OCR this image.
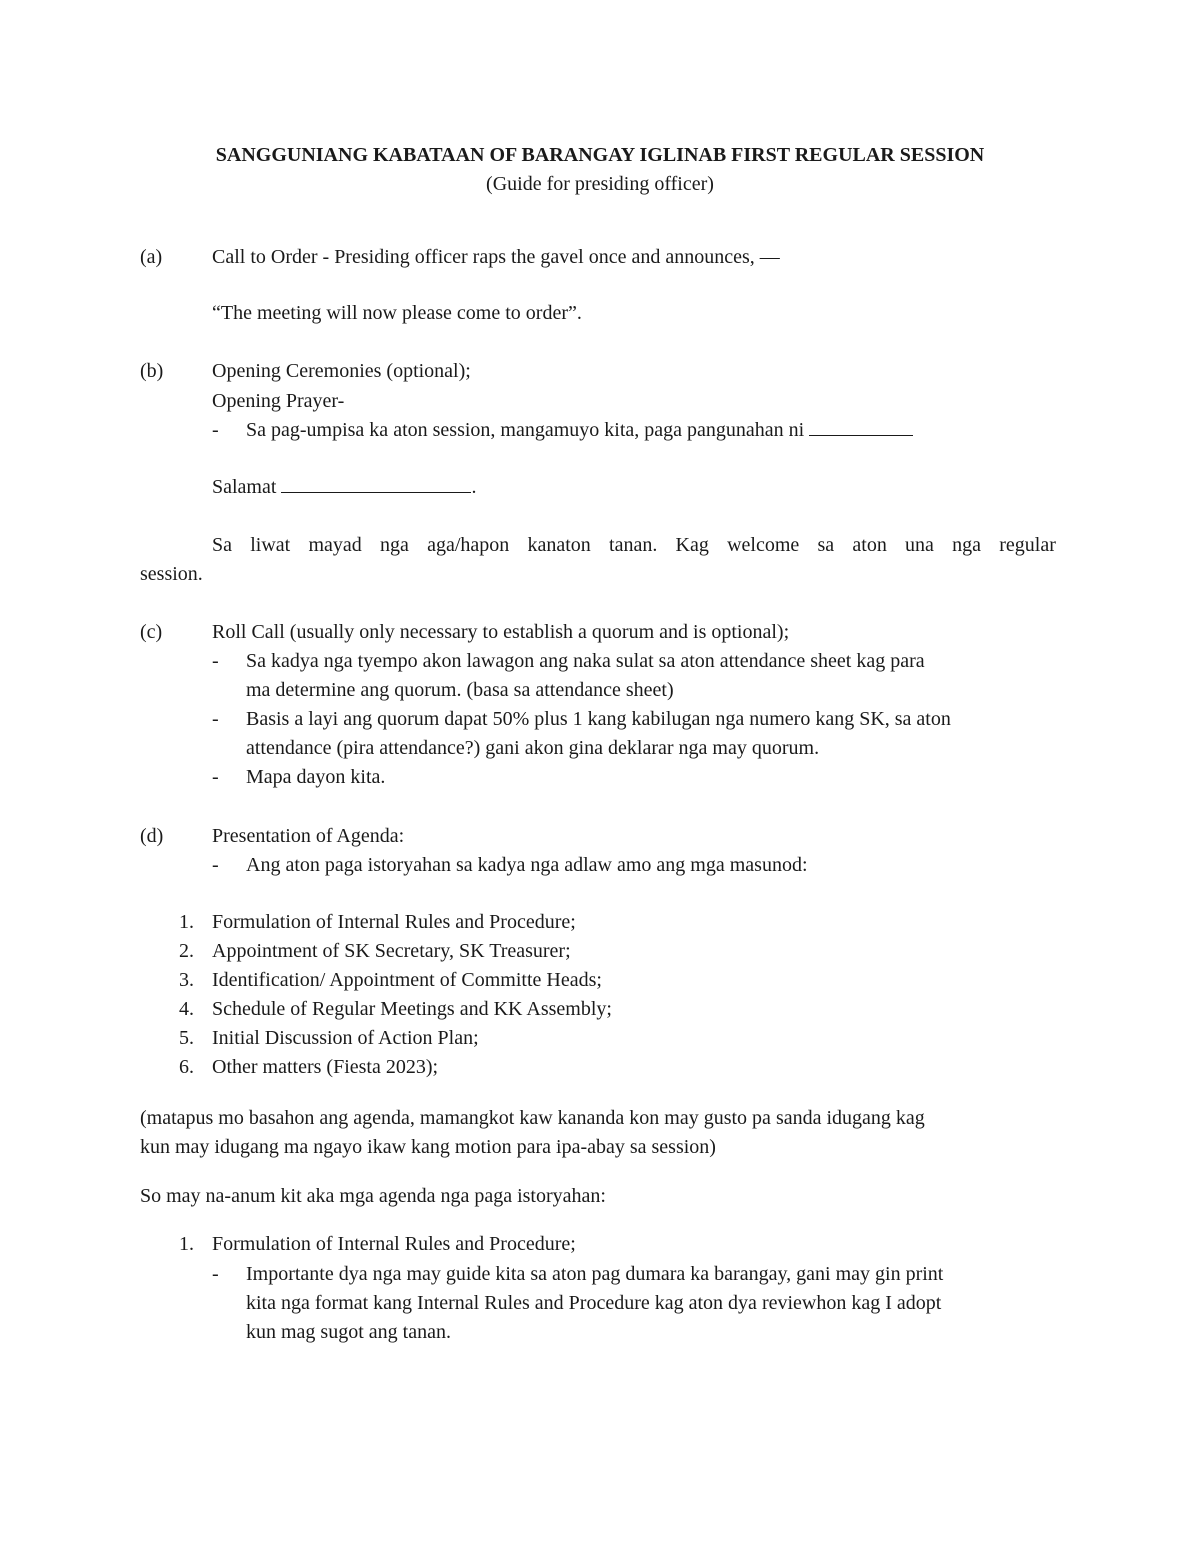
SANGGUNIANG KABATAAN OF BARANGAY IGLINAB FIRST REGULAR SESSION
(Guide for presiding officer)
(a) Call to Order - Presiding officer raps the gavel once and announces, —
“The meeting will now please come to order”.
(b) Opening Ceremonies (optional);
Opening Prayer-
- Sa pag-umpisa ka aton session, mangamuyo kita, paga pangunahan ni
Salamat	.
Sa liwat mayad nga aga/hapon kanaton tanan. Kag welcome sa aton una nga regular
session.
(c) Roll Call (usually only necessary to establish a quorum and is optional);
- Sa kadya nga tyempo akon lawagon ang naka sulat sa aton attendance sheet kag para
ma determine ang quorum. (basa sa attendance sheet)
- Basis a layi ang quorum dapat 50% plus 1 kang kabilugan nga numero kang SK, sa aton
attendance (pira attendance?) gani akon gina deklarar nga may quorum.
- Mapa dayon kita.
(d) Presentation of Agenda:
- Ang aton paga istoryahan sa kadya nga adlaw amo ang mga masunod:
1. Formulation of Internal Rules and Procedure;
2. Appointment of SK Secretary, SK Treasurer;
3. Identification/ Appointment of Committe Heads;
4. Schedule of Regular Meetings and KK Assembly;
5. Initial Discussion of Action Plan;
6. Other matters (Fiesta 2023);
(matapus mo basahon ang agenda, mamangkot kaw kananda kon may gusto pa sanda idugang kag
kun may idugang ma ngayo ikaw kang motion para ipa-abay sa session)
So may na-anum kit aka mga agenda nga paga istoryahan:
1. Formulation of Internal Rules and Procedure;
- Importante dya nga may guide kita sa aton pag dumara ka barangay, gani may gin print
kita nga format kang Internal Rules and Procedure kag aton dya reviewhon kag I adopt
kun mag sugot ang tanan.
